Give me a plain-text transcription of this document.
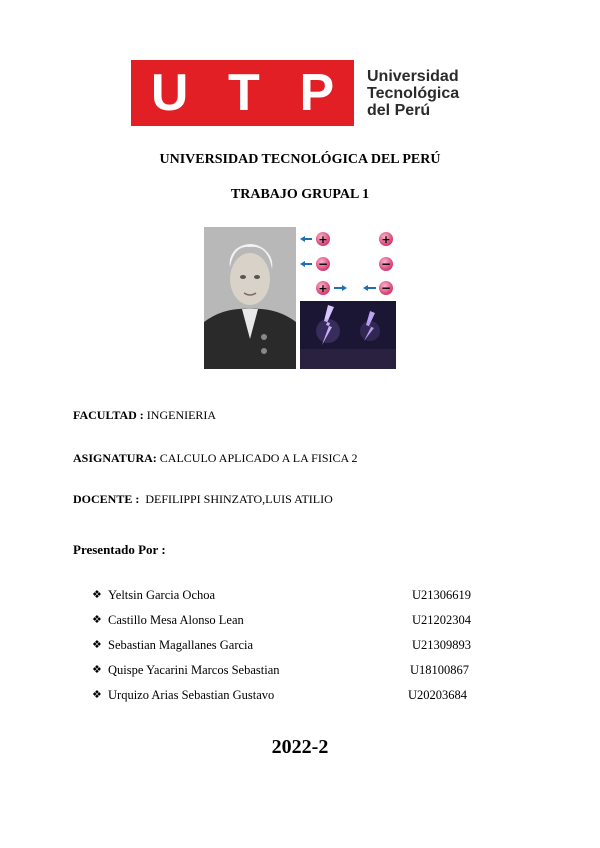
U T P Universidad
Tecnológica
del Perú
UNIVERSIDAD TECNOLÓGICA DEL PERÚ
TRABAJO GRUPAL 1
+	+
−	−
+	−
FACULTAD : INGENIERIA
ASIGNATURA: CALCULO APLICADO A LA FISICA 2
DOCENTE : DEFILIPPI SHINZATO,LUIS ATILIO
Presentado Por :
❖ Yeltsin Garcia Ochoa	U21306619
❖ Castillo Mesa Alonso Lean	U21202304
❖ Sebastian Magallanes Garcia	U21309893
❖ Quispe Yacarini Marcos Sebastian	U18100867
❖ Urquizo Arias Sebastian Gustavo	U20203684
2022-2
